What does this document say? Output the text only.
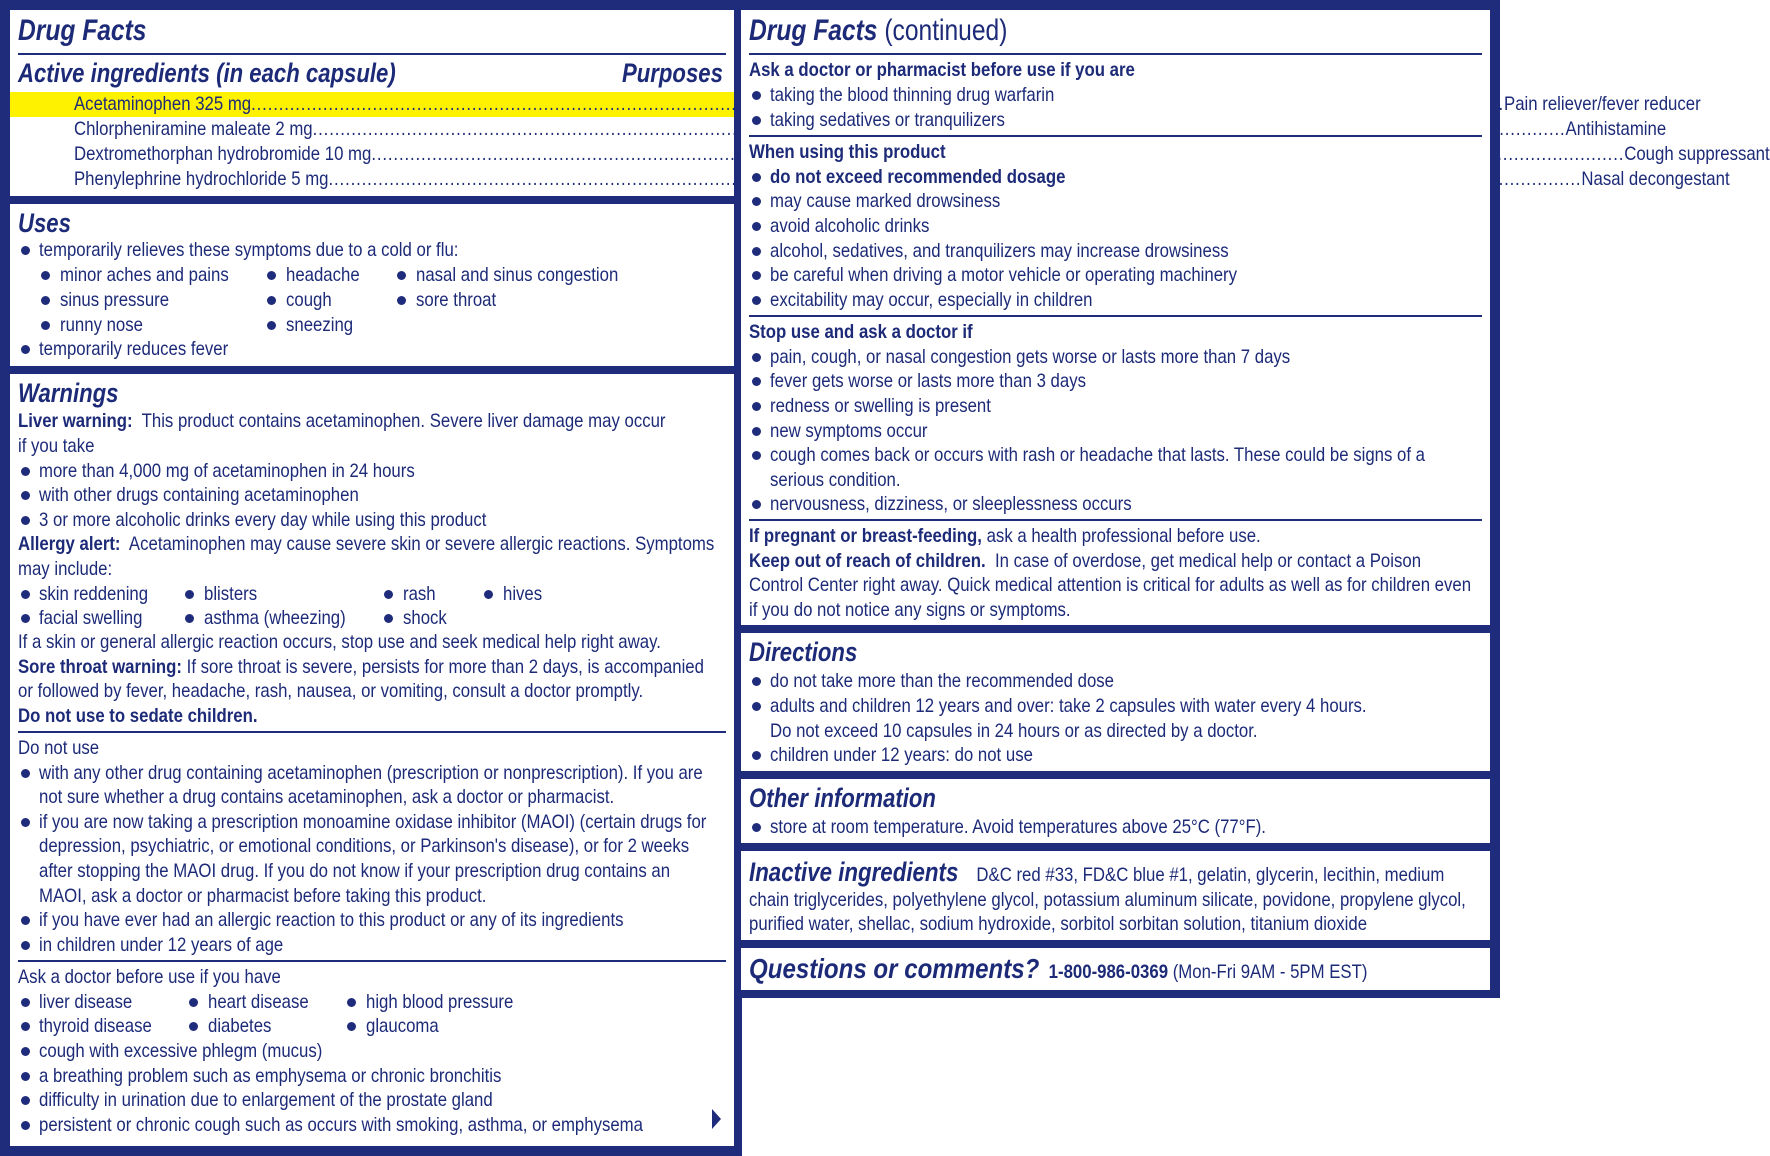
Drug Facts
Active ingredients (in each capsule)	Purposes
Acetaminophen 325 mg .....	Pain reliever/fever reducer
Chlorpheniramine maleate 2 mg .....	Antihistamine
Dextromethorphan hydrobromide 10 mg .....	Cough suppressant
Phenylephrine hydrochloride 5 mg .....	Nasal decongestant
Uses
temporarily relieves these symptoms due to a cold or flu:
minor aches and pains	headache	nasal and sinus congestion
sinus pressure	cough	sore throat
runny nose	sneezing
temporarily reduces fever
Warnings
Liver warning: This product contains acetaminophen. Severe liver damage may occur
if you take
more than 4,000 mg of acetaminophen in 24 hours
with other drugs containing acetaminophen
3 or more alcoholic drinks every day while using this product
Allergy alert: Acetaminophen may cause severe skin or severe allergic reactions. Symptoms
may include:
skin reddening	blisters	rash	hives
facial swelling	asthma (wheezing)	shock
If a skin or general allergic reaction occurs, stop use and seek medical help right away.
Sore throat warning: If sore throat is severe, persists for more than 2 days, is accompanied
or followed by fever, headache, rash, nausea, or vomiting, consult a doctor promptly.
Do not use to sedate children.
Do not use
with any other drug containing acetaminophen (prescription or nonprescription). If you are
not sure whether a drug contains acetaminophen, ask a doctor or pharmacist.
if you are now taking a prescription monoamine oxidase inhibitor (MAOI) (certain drugs for
depression, psychiatric, or emotional conditions, or Parkinson's disease), or for 2 weeks
after stopping the MAOI drug. If you do not know if your prescription drug contains an
MAOI, ask a doctor or pharmacist before taking this product.
if you have ever had an allergic reaction to this product or any of its ingredients
in children under 12 years of age
Ask a doctor before use if you have
liver disease	heart disease	high blood pressure
thyroid disease	diabetes	glaucoma
cough with excessive phlegm (mucus)
a breathing problem such as emphysema or chronic bronchitis
difficulty in urination due to enlargement of the prostate gland
persistent or chronic cough such as occurs with smoking, asthma, or emphysema
Drug Facts (continued)
Ask a doctor or pharmacist before use if you are
taking the blood thinning drug warfarin
taking sedatives or tranquilizers
When using this product
do not exceed recommended dosage
may cause marked drowsiness
avoid alcoholic drinks
alcohol, sedatives, and tranquilizers may increase drowsiness
be careful when driving a motor vehicle or operating machinery
excitability may occur, especially in children
Stop use and ask a doctor if
pain, cough, or nasal congestion gets worse or lasts more than 7 days
fever gets worse or lasts more than 3 days
redness or swelling is present
new symptoms occur
cough comes back or occurs with rash or headache that lasts. These could be signs of a
serious condition.
nervousness, dizziness, or sleeplessness occurs
If pregnant or breast-feeding, ask a health professional before use.
Keep out of reach of children. In case of overdose, get medical help or contact a Poison
Control Center right away. Quick medical attention is critical for adults as well as for children even
if you do not notice any signs or symptoms.
Directions
do not take more than the recommended dose
adults and children 12 years and over: take 2 capsules with water every 4 hours.
Do not exceed 10 capsules in 24 hours or as directed by a doctor.
children under 12 years: do not use
Other information
store at room temperature. Avoid temperatures above 25°C (77°F).
Inactive ingredients D&C red #33, FD&C blue #1, gelatin, glycerin, lecithin, medium
chain triglycerides, polyethylene glycol, potassium aluminum silicate, povidone, propylene glycol,
purified water, shellac, sodium hydroxide, sorbitol sorbitan solution, titanium dioxide
Questions or comments? 1-800-986-0369 (Mon-Fri 9AM - 5PM EST)
